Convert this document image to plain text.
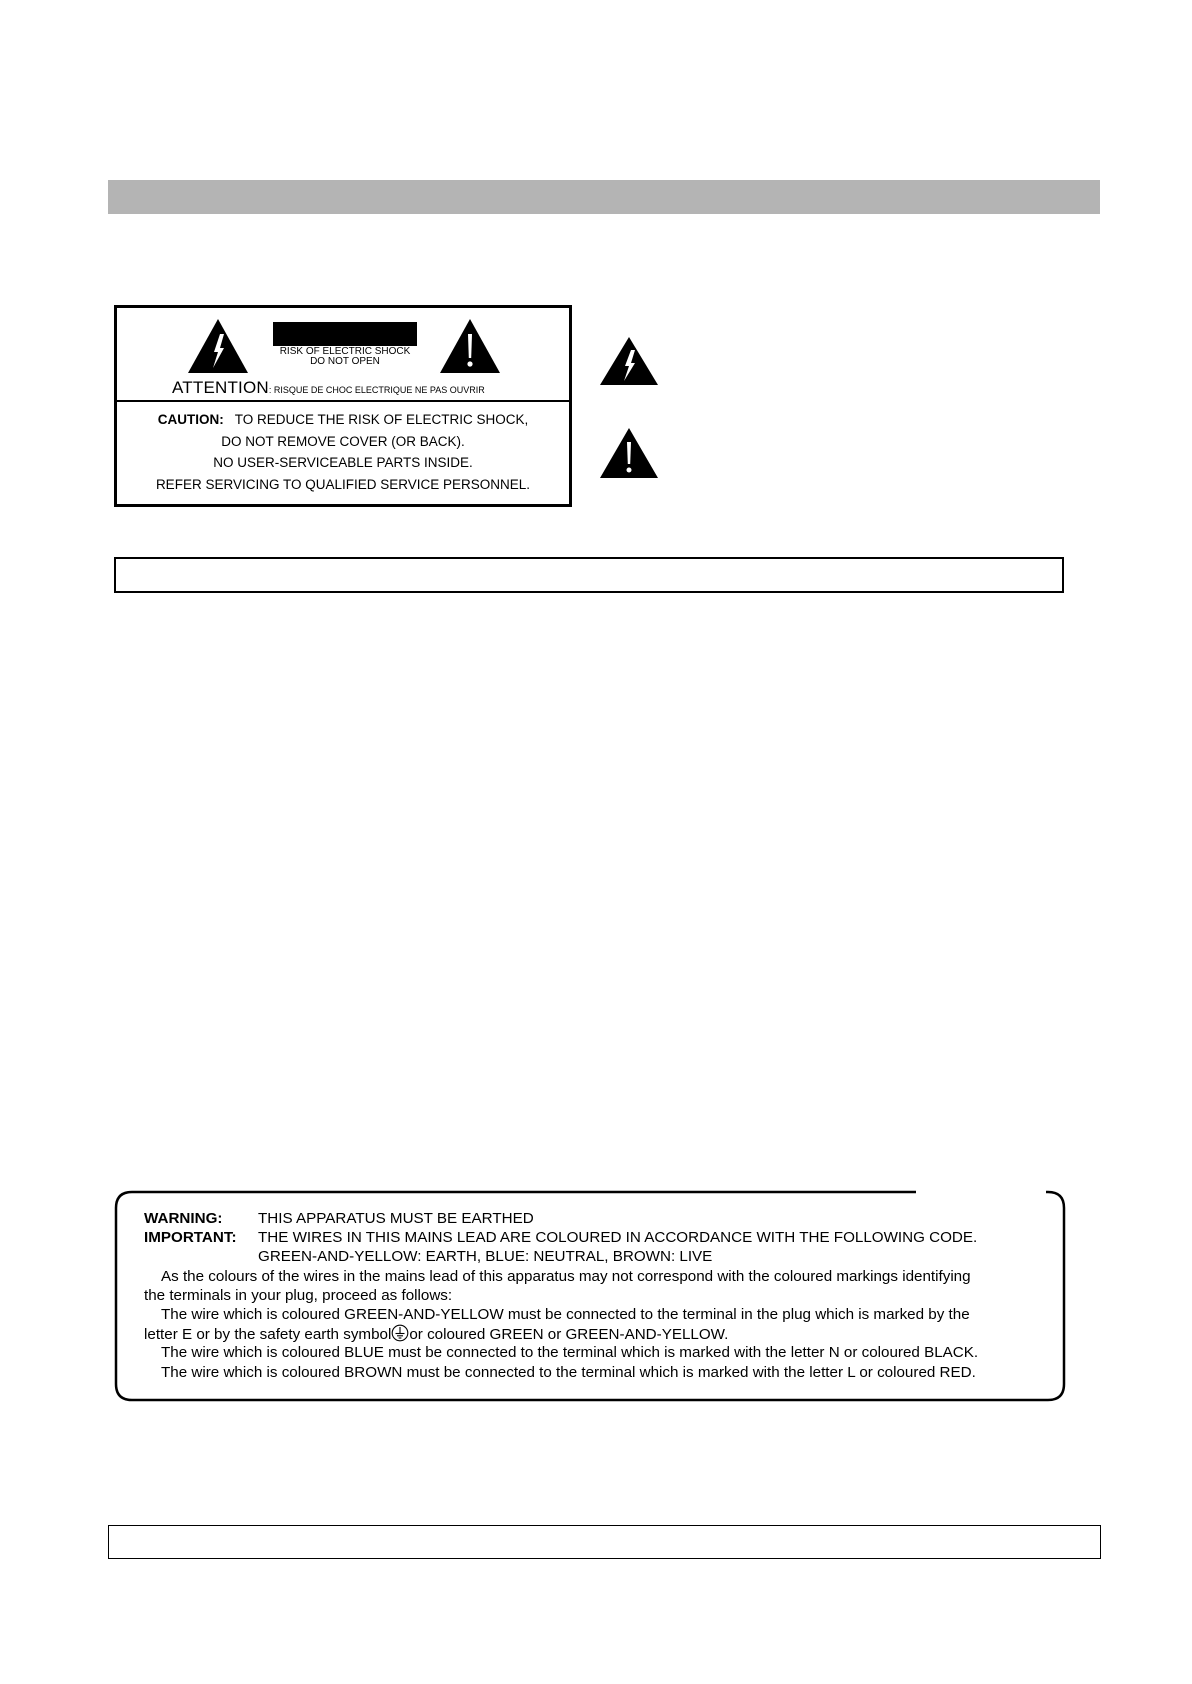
RISK OF ELECTRIC SHOCK
DO NOT OPEN
ATTENTION: RISQUE DE CHOC ELECTRIQUE NE PAS OUVRIR
CAUTION: TO REDUCE THE RISK OF ELECTRIC SHOCK,
DO NOT REMOVE COVER (OR BACK).
NO USER-SERVICEABLE PARTS INSIDE.
REFER SERVICING TO QUALIFIED SERVICE PERSONNEL.
WARNING: THIS APPARATUS MUST BE EARTHED
IMPORTANT: THE WIRES IN THIS MAINS LEAD ARE COLOURED IN ACCORDANCE WITH THE FOLLOWING CODE.
GREEN-AND-YELLOW: EARTH, BLUE: NEUTRAL, BROWN: LIVE
As the colours of the wires in the mains lead of this apparatus may not correspond with the coloured markings identifying
the terminals in your plug, proceed as follows:
The wire which is coloured GREEN-AND-YELLOW must be connected to the terminal in the plug which is marked by the
letter E or by the safety earth symbol or coloured GREEN or GREEN-AND-YELLOW.
The wire which is coloured BLUE must be connected to the terminal which is marked with the letter N or coloured BLACK.
The wire which is coloured BROWN must be connected to the terminal which is marked with the letter L or coloured RED.
